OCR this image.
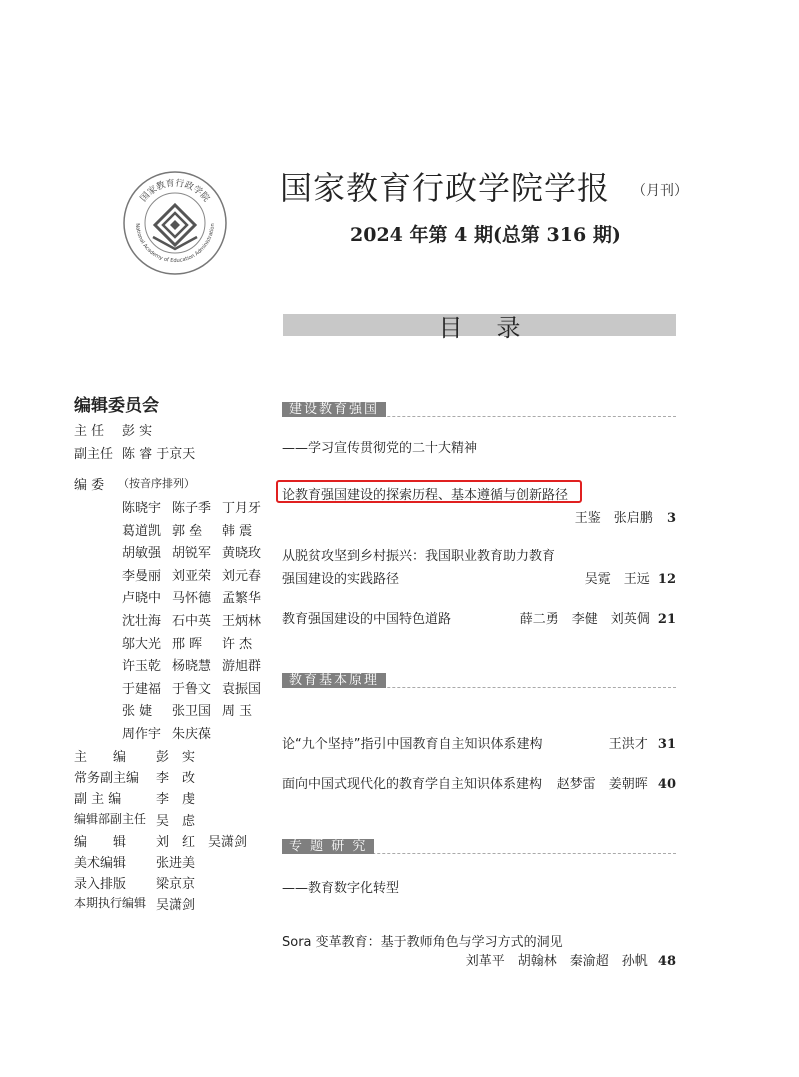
国家教育行政学院
National Academy of Education Administration
国家教育行政学院学报 （月刊）
2024 年第 4 期(总第 316 期)
目录
编辑委员会
主 任 彭 实
副主任 陈 睿 于京天
编 委 （按音序排列）
陈晓宇 陈子季 丁月牙
葛道凯 郭 垒 韩 震
胡敏强 胡锐军 黄晓玫
李曼丽 刘亚荣 刘元春
卢晓中 马怀德 孟繁华
沈壮海 石中英 王炳林
邬大光 邢 晖 许 杰
许玉乾 杨晓慧 游旭群
于建福 于鲁文 袁振国
张 婕 张卫国 周 玉
周作宇 朱庆葆
主　　编 彭　实
常务副主编 李　改
副 主 编	李　虔
编辑部副主任 吴　虑
编　　辑 刘　红　吴潇剑
美术编辑 张进美
录入排版 梁京京
本期执行编辑 吴潇剑
建设教育强国
——学习宣传贯彻党的二十大精神
论教育强国建设的探索历程、基本遵循与创新路径
王鉴　张启鹏 3
从脱贫攻坚到乡村振兴：我国职业教育助力教育
强国建设的实践路径	吴霓　王远 12
教育强国建设的中国特色道路	薛二勇　李健　刘英倜 21
教育基本原理
论“九个坚持”指引中国教育自主知识体系建构	王洪才 31
面向中国式现代化的教育学自主知识体系建构 赵梦雷　姜朝晖 40
专 题 研 究
——教育数字化转型
Sora 变革教育：基于教师角色与学习方式的洞见
刘革平　胡翰林　秦渝超　孙帆 48
